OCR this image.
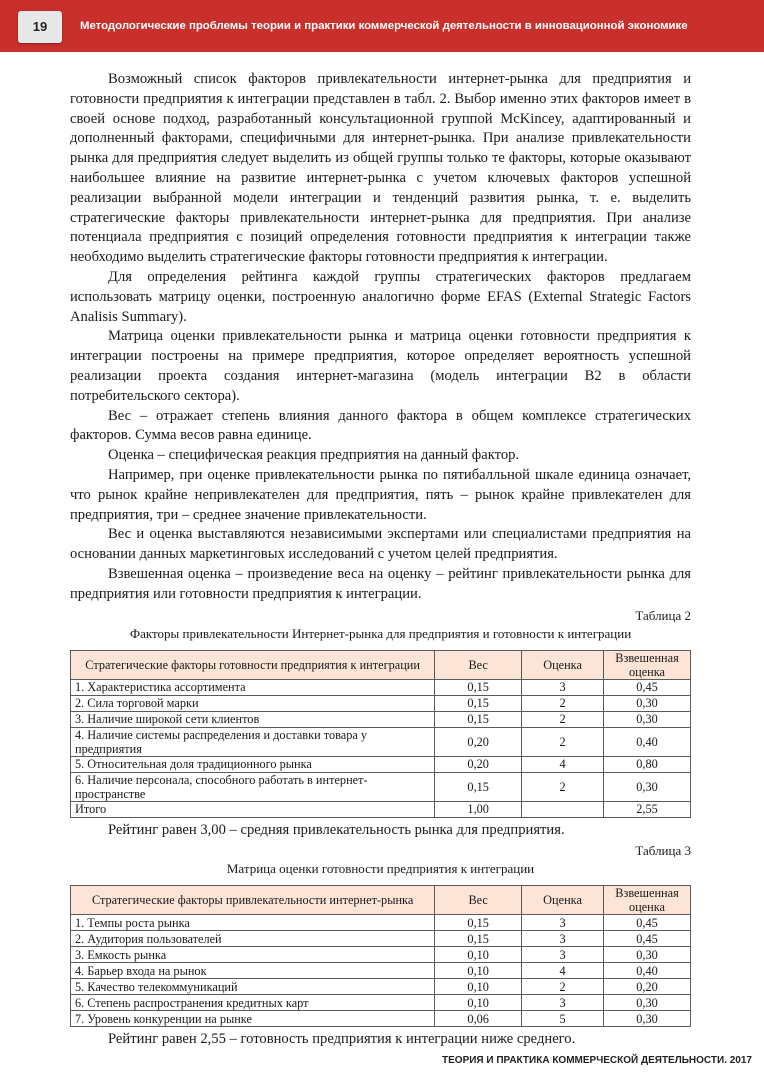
19	Методологические проблемы теории и практики коммерческой деятельности в инновационной экономике

Возможный список факторов привлекательности интернет-рынка для предприятия и готовности предприятия к интеграции представлен в табл. 2. Выбор именно этих факторов имеет в своей основе подход, разработанный консультационной группой McKincey, адаптированный и дополненный факторами, специфичными для интернет-рынка. При анализе привлекательности рынка для предприятия следует выделить из общей группы только те факторы, которые оказывают наибольшее влияние на развитие интернет-рынка с учетом ключевых факторов успешной реализации выбранной модели интеграции и тенденций развития рынка, т. е. выделить стратегические факторы привлекательности интернет-рынка для предприятия. При анализе потенциала предприятия с позиций определения готовности предприятия к интеграции также необходимо выделить стратегические факторы готовности предприятия к интеграции.

Для определения рейтинга каждой группы стратегических факторов предлагаем использовать матрицу оценки, построенную аналогично форме EFAS (External Strategic Factors Analisis Summary).

Матрица оценки привлекательности рынка и матрица оценки готовности предприятия к интеграции построены на примере предприятия, которое определяет вероятность успешной реализации проекта создания интернет-магазина (модель интеграции B2 в области потребительского сектора).

Вес – отражает степень влияния данного фактора в общем комплексе стратегических факторов. Сумма весов равна единице.

Оценка – специфическая реакция предприятия на данный фактор.

Например, при оценке привлекательности рынка по пятибалльной шкале единица означает, что рынок крайне непривлекателен для предприятия, пять – рынок крайне привлекателен для предприятия, три – среднее значение привлекательности.

Вес и оценка выставляются независимыми экспертами или специалистами предприятия на основании данных маркетинговых исследований с учетом целей предприятия.

Взвешенная оценка – произведение веса на оценку – рейтинг привлекательности рынка для предприятия или готовности предприятия к интеграции.

Таблица 2
Факторы привлекательности Интернет-рынка для предприятия и готовности к интеграции
Стратегические факторы готовности предприятия к интеграции	Вес	Оценка	Взвешенная оценка
1. Характеристика ассортимента	0,15	3	0,45
2. Сила торговой марки	0,15	2	0,30
3. Наличие широкой сети клиентов	0,15	2	0,30
4. Наличие системы распределения и доставки товара у предприятия	0,20	2	0,40
5. Относительная доля традиционного рынка	0,20	4	0,80
6. Наличие персонала, способного работать в интернет-пространстве	0,15	2	0,30
Итого	1,00		2,55

Рейтинг равен 3,00 – средняя привлекательность рынка для предприятия.

Таблица 3
Матрица оценки готовности предприятия к интеграции
Стратегические факторы привлекательности интернет-рынка	Вес	Оценка	Взвешенная оценка
1. Темпы роста рынка	0,15	3	0,45
2. Аудитория пользователей	0,15	3	0,45
3. Емкость рынка	0,10	3	0,30
4. Барьер входа на рынок	0,10	4	0,40
5. Качество телекоммуникаций	0,10	2	0,20
6. Степень распространения кредитных карт	0,10	3	0,30
7. Уровень конкуренции на рынке	0,06	5	0,30

Рейтинг равен 2,55 – готовность предприятия к интеграции ниже среднего.

ТЕОРИЯ И ПРАКТИКА КОММЕРЧЕСКОЙ ДЕЯТЕЛЬНОСТИ. 2017
